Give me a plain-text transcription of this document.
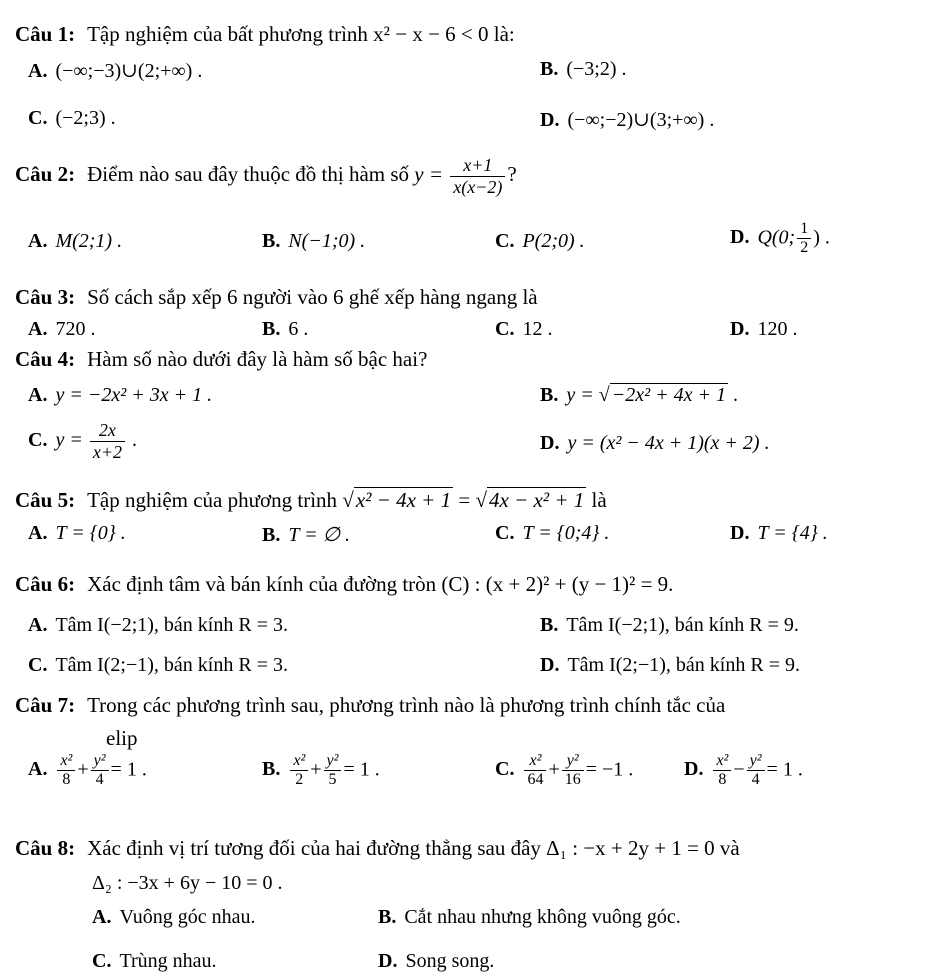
Câu 1: Tập nghiệm của bất phương trình x² − x − 6 < 0 là:
A. (−∞;−3)∪(2;+∞) .	B. (−3;2) .
C. (−2;3) .	D. (−∞;−2)∪(3;+∞) .
Câu 2: Điểm nào sau đây thuộc đồ thị hàm số $y = \frac{x+1}{x(x-2)}$ ?
A. M(2;1) .	B. N(−1;0) .	C. P(2;0) .	D. Q(0; $\frac{1}{2}$ ) .
Câu 3: Số cách sắp xếp 6 người vào 6 ghế xếp hàng ngang là
A. 720 .	B. 6 .	C. 12 .	D. 120 .
Câu 4: Hàm số nào dưới đây là hàm số bậc hai?
A. y = −2x² + 3x + 1 .	B. y = √ −2x² + 4x + 1 .
C. $y = \frac{2x}{x+2}$ .	D. y = (x² − 4x + 1)(x + 2) .
Câu 5: Tập nghiệm của phương trình √x² − 4x + 1 = √4x − x² + 1 là
A. T = {0} .	B. T = ∅ .	C. T = {0;4} .	D. T = {4} .
Câu 6: Xác định tâm và bán kính của đường tròn (C) : (x + 2)² + (y − 1)² = 9.
A. Tâm I(−2;1), bán kính R = 3.	B. Tâm I(−2;1), bán kính R = 9.
C. Tâm I(2;−1), bán kính R = 3.	D. Tâm I(2;−1), bán kính R = 9.
Câu 7: Trong các phương trình sau, phương trình nào là phương trình chính tắc của
elip
A. $\frac{\text{x²}}{8} + \frac{\text{y²}}{4} = 1$ .	B. $\frac{\text{x²}}{2} + \frac{\text{y²}}{5} = 1$ .	C. $\frac{\text{x²}}{64} + \frac{\text{y²}}{16} = -1$ .	D. $\frac{\text{x²}}{8} - \frac{\text{y²}}{4} = 1$ .
Câu 8: Xác định vị trí tương đối của hai đường thẳng sau đây Δ₁ : −x + 2y + 1 = 0 và
Δ₂ : −3x + 6y − 10 = 0 .
A. Vuông góc nhau.	B. Cắt nhau nhưng không vuông góc.
C. Trùng nhau.	D. Song song.
